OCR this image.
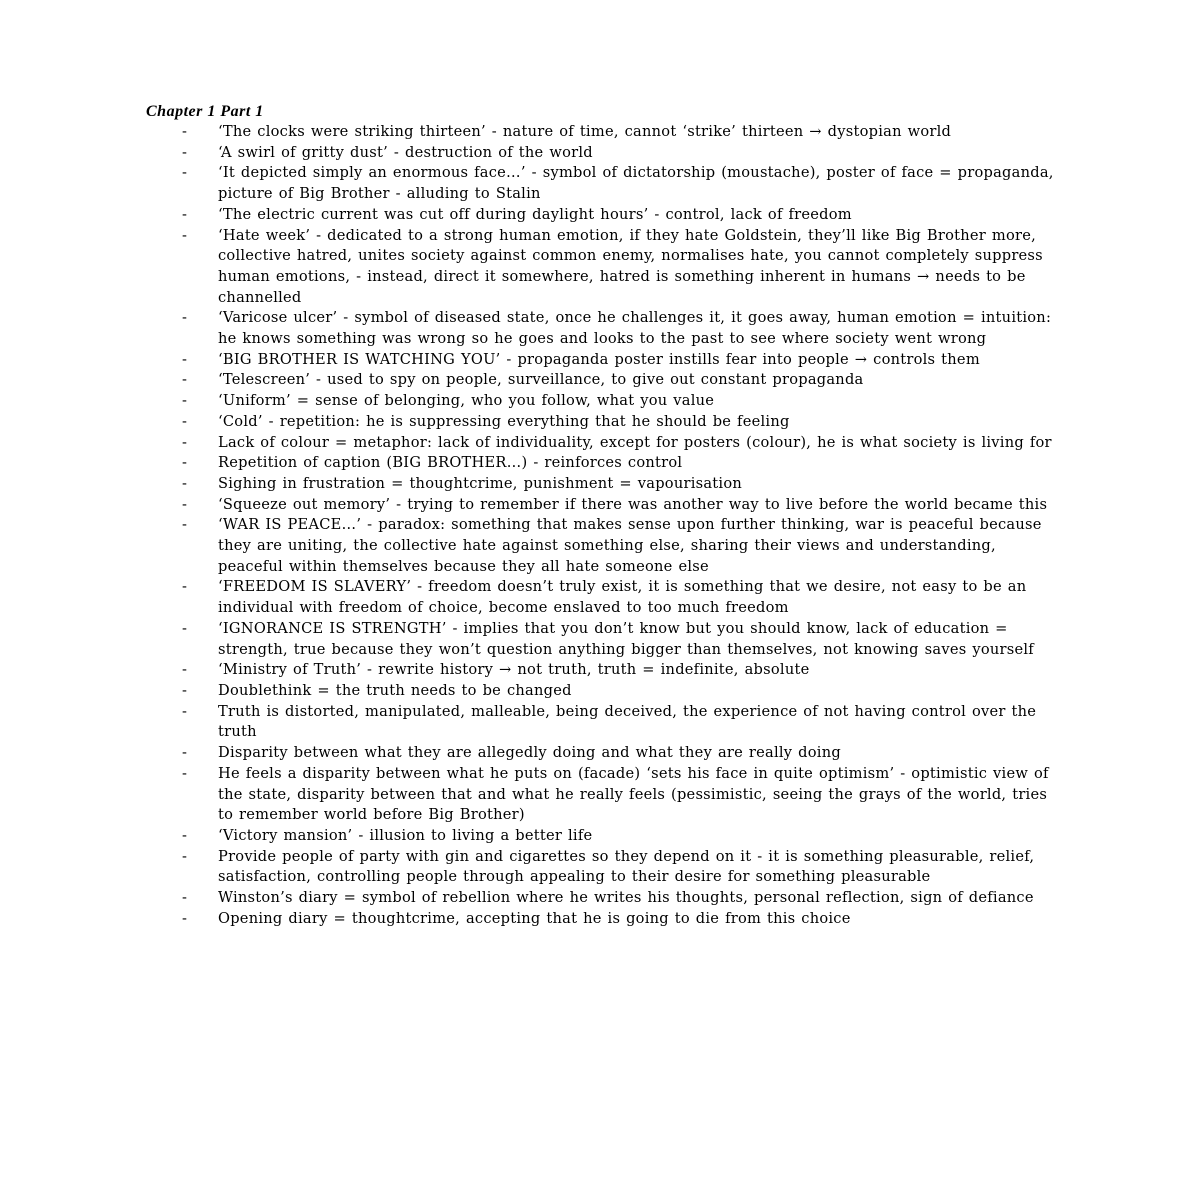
Chapter 1 Part 1
- ‘The clocks were striking thirteen’ - nature of time, cannot ‘strike’ thirteen → dystopian world
- ‘A swirl of gritty dust’ - destruction of the world
- ‘It depicted simply an enormous face…’ - symbol of dictatorship (moustache), poster of face = propaganda, picture of Big Brother - alluding to Stalin
- ‘The electric current was cut off during daylight hours’ - control, lack of freedom
- ‘Hate week’ - dedicated to a strong human emotion, if they hate Goldstein, they’ll like Big Brother more, collective hatred, unites society against common enemy, normalises hate, you cannot completely suppress human emotions, - instead, direct it somewhere, hatred is something inherent in humans → needs to be channelled
- ‘Varicose ulcer’ - symbol of diseased state, once he challenges it, it goes away, human emotion = intuition: he knows something was wrong so he goes and looks to the past to see where society went wrong
- ‘BIG BROTHER IS WATCHING YOU’ - propaganda poster instills fear into people → controls them
- ‘Telescreen’ - used to spy on people, surveillance, to give out constant propaganda
- ‘Uniform’ = sense of belonging, who you follow, what you value
- ‘Cold’ - repetition: he is suppressing everything that he should be feeling
- Lack of colour = metaphor: lack of individuality, except for posters (colour), he is what society is living for
- Repetition of caption (BIG BROTHER…) - reinforces control
- Sighing in frustration = thoughtcrime, punishment = vapourisation
- ‘Squeeze out memory’ - trying to remember if there was another way to live before the world became this
- ‘WAR IS PEACE…’ - paradox: something that makes sense upon further thinking, war is peaceful because they are uniting, the collective hate against something else, sharing their views and understanding, peaceful within themselves because they all hate someone else
- ‘FREEDOM IS SLAVERY’ - freedom doesn’t truly exist, it is something that we desire, not easy to be an individual with freedom of choice, become enslaved to too much freedom
- ‘IGNORANCE IS STRENGTH’ - implies that you don’t know but you should know, lack of education = strength, true because they won’t question anything bigger than themselves, not knowing saves yourself
- ‘Ministry of Truth’ - rewrite history → not truth, truth = indefinite, absolute
- Doublethink = the truth needs to be changed
- Truth is distorted, manipulated, malleable, being deceived, the experience of not having control over the truth
- Disparity between what they are allegedly doing and what they are really doing
- He feels a disparity between what he puts on (facade) ‘sets his face in quite optimism’ - optimistic view of the state, disparity between that and what he really feels (pessimistic, seeing the grays of the world, tries to remember world before Big Brother)
- ‘Victory mansion’ - illusion to living a better life
- Provide people of party with gin and cigarettes so they depend on it - it is something pleasurable, relief, satisfaction, controlling people through appealing to their desire for something pleasurable
- Winston’s diary = symbol of rebellion where he writes his thoughts, personal reflection, sign of defiance
- Opening diary = thoughtcrime, accepting that he is going to die from this choice
